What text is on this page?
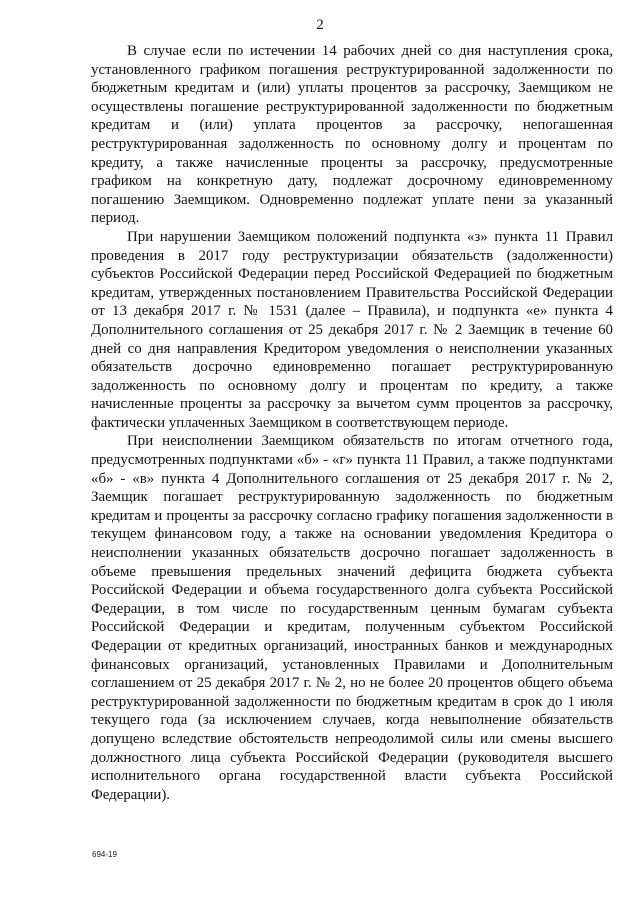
2

В случае если по истечении 14 рабочих дней со дня наступления срока, установленного графиком погашения реструктурированной задолженности по бюджетным кредитам и (или) уплаты процентов за рассрочку, Заемщиком не осуществлены погашение реструктурированной задолженности по бюджетным кредитам и (или) уплата процентов за рассрочку, непогашенная реструктурированная задолженность по основному долгу и процентам по кредиту, а также начисленные проценты за рассрочку, предусмотренные графиком на конкретную дату, подлежат досрочному единовременному погашению Заемщиком. Одновременно подлежат уплате пени за указанный период.

При нарушении Заемщиком положений подпункта «з» пункта 11 Правил проведения в 2017 году реструктуризации обязательств (задолженности) субъектов Российской Федерации перед Российской Федерацией по бюджетным кредитам, утвержденных постановлением Правительства Российской Федерации от 13 декабря 2017 г. № 1531 (далее – Правила), и подпункта «е» пункта 4 Дополнительного соглашения от 25 декабря 2017 г. № 2 Заемщик в течение 60 дней со дня направления Кредитором уведомления о неисполнении указанных обязательств досрочно единовременно погашает реструктурированную задолженность по основному долгу и процентам по кредиту, а также начисленные проценты за рассрочку за вычетом сумм процентов за рассрочку, фактически уплаченных Заемщиком в соответствующем периоде.

При неисполнении Заемщиком обязательств по итогам отчетного года, предусмотренных подпунктами «б» - «г» пункта 11 Правил, а также подпунктами «б» - «в» пункта 4 Дополнительного соглашения от 25 декабря 2017 г. № 2, Заемщик погашает реструктурированную задолженность по бюджетным кредитам и проценты за рассрочку согласно графику погашения задолженности в текущем финансовом году, а также на основании уведомления Кредитора о неисполнении указанных обязательств досрочно погашает задолженность в объеме превышения предельных значений дефицита бюджета субъекта Российской Федерации и объема государственного долга субъекта Российской Федерации, в том числе по государственным ценным бумагам субъекта Российской Федерации и кредитам, полученным субъектом Российской Федерации от кредитных организаций, иностранных банков и международных финансовых организаций, установленных Правилами и Дополнительным соглашением от 25 декабря 2017 г. № 2, но не более 20 процентов общего объема реструктурированной задолженности по бюджетным кредитам в срок до 1 июля текущего года (за исключением случаев, когда невыполнение обязательств допущено вследствие обстоятельств непреодолимой силы или смены высшего должностного лица субъекта Российской Федерации (руководителя высшего исполнительного органа государственной власти субъекта Российской Федерации).

694-19
